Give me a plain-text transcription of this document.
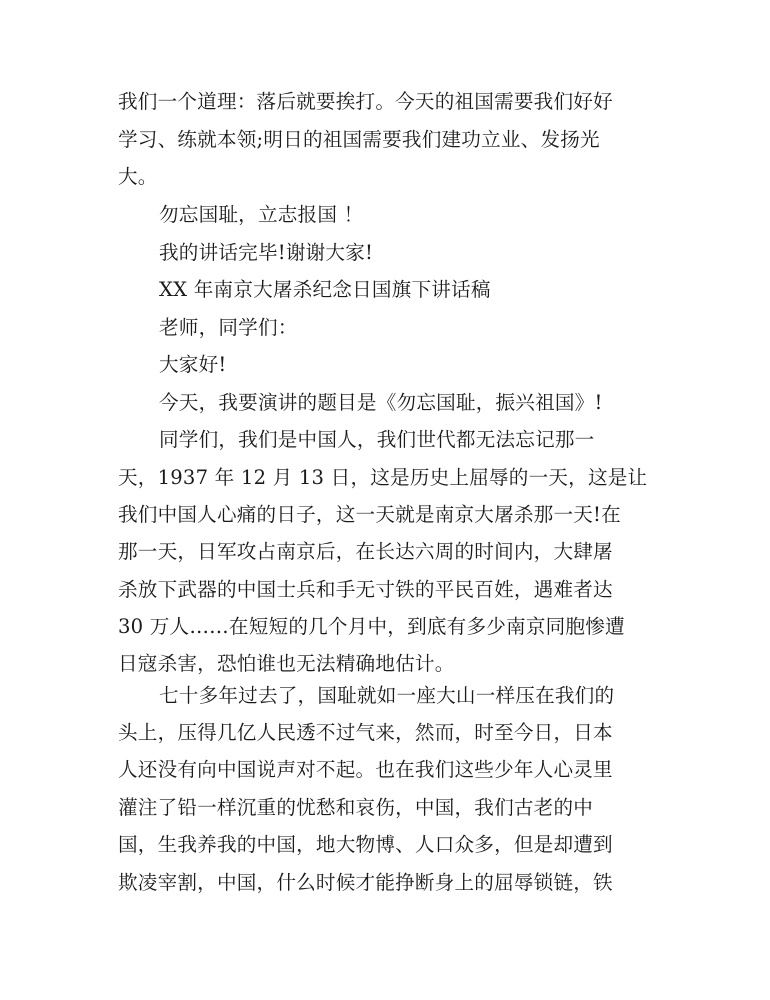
我们一个道理：落后就要挨打。今天的祖国需要我们好好
学习、练就本领;明日的祖国需要我们建功立业、发扬光
大。
勿忘国耻，立志报国 ！
我的讲话完毕!谢谢大家!
XX 年南京大屠杀纪念日国旗下讲话稿
老师，同学们：
大家好!
今天，我要演讲的题目是《勿忘国耻，振兴祖国》!
同学们，我们是中国人，我们世代都无法忘记那一
天，1937 年 12 月 13 日，这是历史上屈辱的一天，这是让
我们中国人心痛的日子，这一天就是南京大屠杀那一天!在
那一天，日军攻占南京后，在长达六周的时间内，大肆屠
杀放下武器的中国士兵和手无寸铁的平民百姓，遇难者达
30 万人……在短短的几个月中，到底有多少南京同胞惨遭
日寇杀害，恐怕谁也无法精确地估计。
七十多年过去了，国耻就如一座大山一样压在我们的
头上，压得几亿人民透不过气来，然而，时至今日，日本
人还没有向中国说声对不起。也在我们这些少年人心灵里
灌注了铅一样沉重的忧愁和哀伤，中国，我们古老的中
国，生我养我的中国，地大物博、人口众多，但是却遭到
欺凌宰割，中国，什么时候才能挣断身上的屈辱锁链，铁
